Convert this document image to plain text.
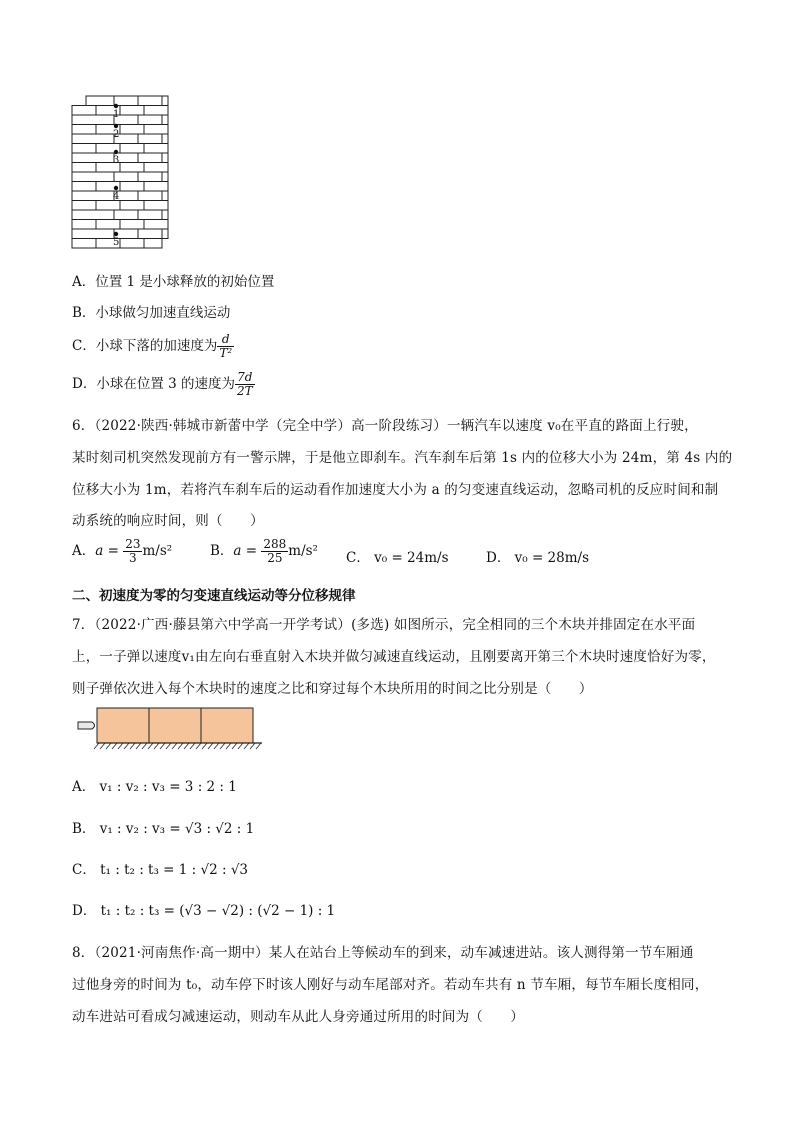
1
2
3
4
5
A．位置 1 是小球释放的初始位置
B．小球做匀加速直线运动
C．小球下落的加速度为 $\frac{d}{\text{T²}}$
D．小球在位置 3 的速度为 $\frac{7d}{2T}$
6．（2022·陕西·韩城市新蕾中学（完全中学）高一阶段练习）一辆汽车以速度 v₀在平直的路面上行驶，
某时刻司机突然发现前方有一警示牌，于是他立即刹车。汽车刹车后第 1s 内的位移大小为 24m，第 4s 内的
位移大小为 1m，若将汽车刹车后的运动看作加速度大小为 a 的匀变速直线运动，忽略司机的反应时间和制
动系统的响应时间，则（　　）
A．$a = \frac{23}{3} m/s^2$	B．$a = \frac{288}{25} m/s^2$ C． v₀ = 24m/s	D． v₀ = 28m/s
二、初速度为零的匀变速直线运动等分位移规律
7．（2022·广西·藤县第六中学高一开学考试）(多选) 如图所示，完全相同的三个木块并排固定在水平面
上，一子弹以速度v₁由左向右垂直射入木块并做匀减速直线运动，且刚要离开第三个木块时速度恰好为零，
则子弹依次进入每个木块时的速度之比和穿过每个木块所用的时间之比分别是（　　）
A． v₁ : v₂ : v₃ = 3 : 2 : 1
B． v₁ : v₂ : v₃ = √3 : √2 : 1
C． t₁ : t₂ : t₃ = 1 : √2 : √3
D． t₁ : t₂ : t₃ = (√3 − √2) : (√2 − 1) : 1
8．（2021·河南焦作·高一期中）某人在站台上等候动车的到来，动车减速进站。该人测得第一节车厢通
过他身旁的时间为 t₀，动车停下时该人刚好与动车尾部对齐。若动车共有 n 节车厢，每节车厢长度相同，
动车进站可看成匀减速运动，则动车从此人身旁通过所用的时间为（　　）
